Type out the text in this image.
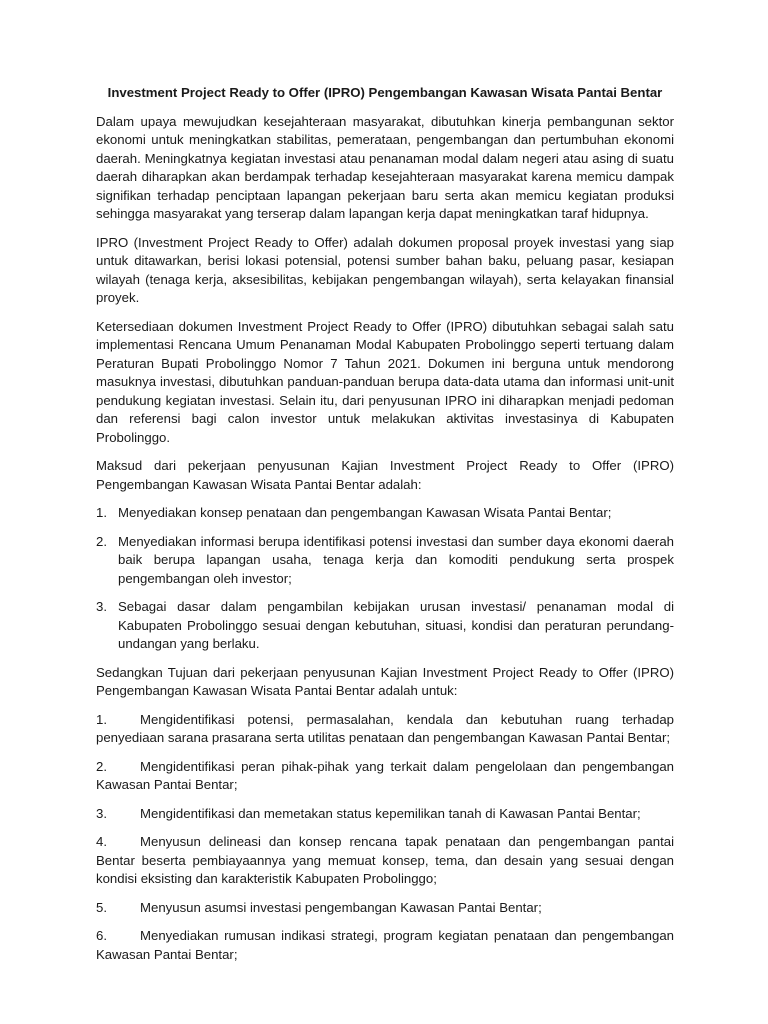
Investment Project Ready to Offer (IPRO) Pengembangan Kawasan Wisata Pantai Bentar

Dalam upaya mewujudkan kesejahteraan masyarakat, dibutuhkan kinerja pembangunan sektor ekonomi untuk meningkatkan stabilitas, pemerataan, pengembangan dan pertumbuhan ekonomi daerah. Meningkatnya kegiatan investasi atau penanaman modal dalam negeri atau asing di suatu daerah diharapkan akan berdampak terhadap kesejahteraan masyarakat karena memicu dampak signifikan terhadap penciptaan lapangan pekerjaan baru serta akan memicu kegiatan produksi sehingga masyarakat yang terserap dalam lapangan kerja dapat meningkatkan taraf hidupnya.

IPRO (Investment Project Ready to Offer) adalah dokumen proposal proyek investasi yang siap untuk ditawarkan, berisi lokasi potensial, potensi sumber bahan baku, peluang pasar, kesiapan wilayah (tenaga kerja, aksesibilitas, kebijakan pengembangan wilayah), serta kelayakan finansial proyek.

Ketersediaan dokumen Investment Project Ready to Offer (IPRO) dibutuhkan sebagai salah satu implementasi Rencana Umum Penanaman Modal Kabupaten Probolinggo seperti tertuang dalam Peraturan Bupati Probolinggo Nomor 7 Tahun 2021. Dokumen ini berguna untuk mendorong masuknya investasi, dibutuhkan panduan-panduan berupa data-data utama dan informasi unit-unit pendukung kegiatan investasi. Selain itu, dari penyusunan IPRO ini diharapkan menjadi pedoman dan referensi bagi calon investor untuk melakukan aktivitas investasinya di Kabupaten Probolinggo.

Maksud dari pekerjaan penyusunan Kajian Investment Project Ready to Offer (IPRO) Pengembangan Kawasan Wisata Pantai Bentar adalah:

1. Menyediakan konsep penataan dan pengembangan Kawasan Wisata Pantai Bentar;
2. Menyediakan informasi berupa identifikasi potensi investasi dan sumber daya ekonomi daerah baik berupa lapangan usaha, tenaga kerja dan komoditi pendukung serta prospek pengembangan oleh investor;
3. Sebagai dasar dalam pengambilan kebijakan urusan investasi/ penanaman modal di Kabupaten Probolinggo sesuai dengan kebutuhan, situasi, kondisi dan peraturan perundang-undangan yang berlaku.

Sedangkan Tujuan dari pekerjaan penyusunan Kajian Investment Project Ready to Offer (IPRO) Pengembangan Kawasan Wisata Pantai Bentar adalah untuk:

1.	Mengidentifikasi potensi, permasalahan, kendala dan kebutuhan ruang terhadap penyediaan sarana prasarana serta utilitas penataan dan pengembangan Kawasan Pantai Bentar;
2.	Mengidentifikasi peran pihak-pihak yang terkait dalam pengelolaan dan pengembangan Kawasan Pantai Bentar;
3.	Mengidentifikasi dan memetakan status kepemilikan tanah di Kawasan Pantai Bentar;
4.	Menyusun delineasi dan konsep rencana tapak penataan dan pengembangan pantai Bentar beserta pembiayaannya yang memuat konsep, tema, dan desain yang sesuai dengan kondisi eksisting dan karakteristik Kabupaten Probolinggo;
5.	Menyusun asumsi investasi pengembangan Kawasan Pantai Bentar;
6.	Menyediakan rumusan indikasi strategi, program kegiatan penataan dan pengembangan Kawasan Pantai Bentar;
